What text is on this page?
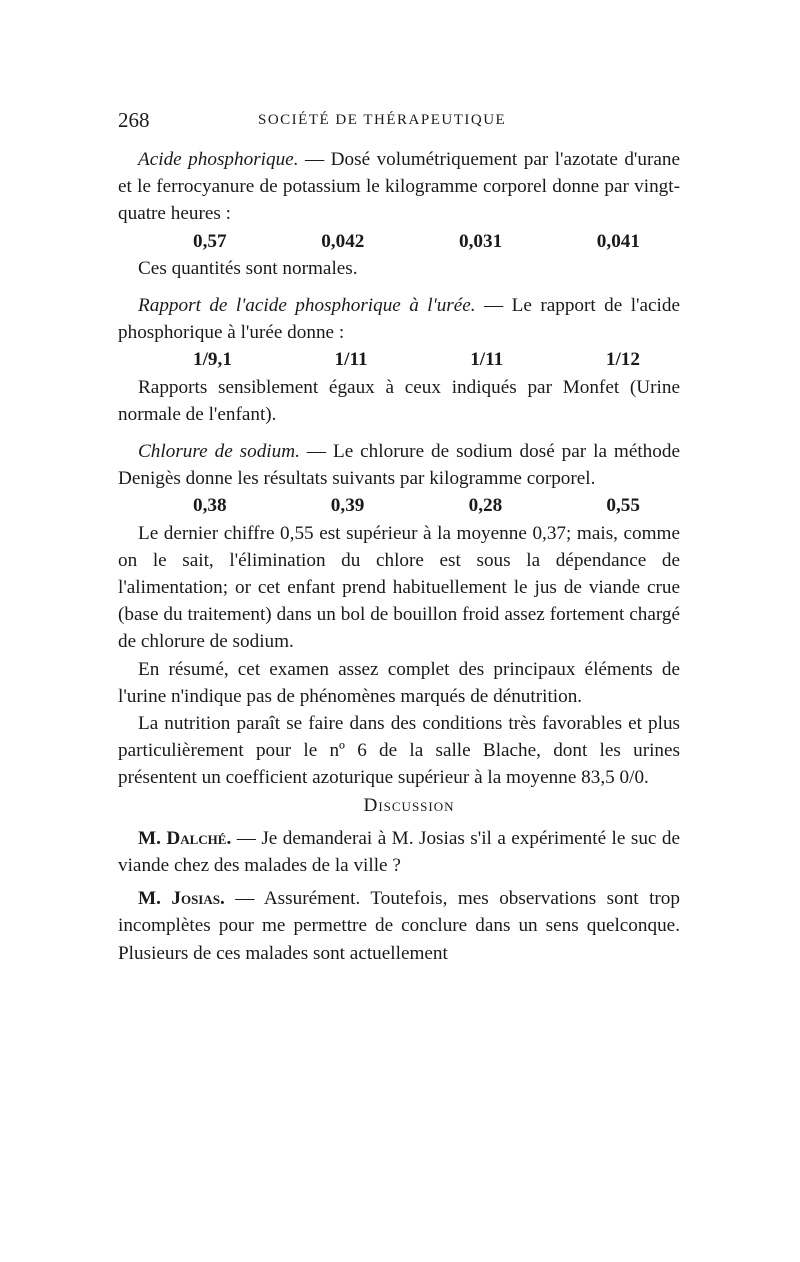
268	SOCIÉTÉ DE THÉRAPEUTIQUE

Acide phosphorique. — Dosé volumétriquement par l'azotate d'urane et le ferrocyanure de potassium le kilogramme corporel donne par vingt-quatre heures :

0,57	0,042	0,031	0,041

Ces quantités sont normales.

Rapport de l'acide phosphorique à l'urée. — Le rapport de l'acide phosphorique à l'urée donne :

1/9,1	1/11	1/11	1/12

Rapports sensiblement égaux à ceux indiqués par Monfet (Urine normale de l'enfant).

Chlorure de sodium. — Le chlorure de sodium dosé par la méthode Denigès donne les résultats suivants par kilogramme corporel.

0,38	0,39	0,28	0,55

Le dernier chiffre 0,55 est supérieur à la moyenne 0,37; mais, comme on le sait, l'élimination du chlore est sous la dépendance de l'alimentation; or cet enfant prend habituellement le jus de viande crue (base du traitement) dans un bol de bouillon froid assez fortement chargé de chlorure de sodium.

En résumé, cet examen assez complet des principaux éléments de l'urine n'indique pas de phénomènes marqués de dénutrition.

La nutrition paraît se faire dans des conditions très favorables et plus particulièrement pour le nº 6 de la salle Blache, dont les urines présentent un coefficient azoturique supérieur à la moyenne 83,5 0/0.

Discussion

M. Dalché. — Je demanderai à M. Josias s'il a expérimenté le suc de viande chez des malades de la ville ?

M. Josias. — Assurément. Toutefois, mes observations sont trop incomplètes pour me permettre de conclure dans un sens quelconque. Plusieurs de ces malades sont actuellement
